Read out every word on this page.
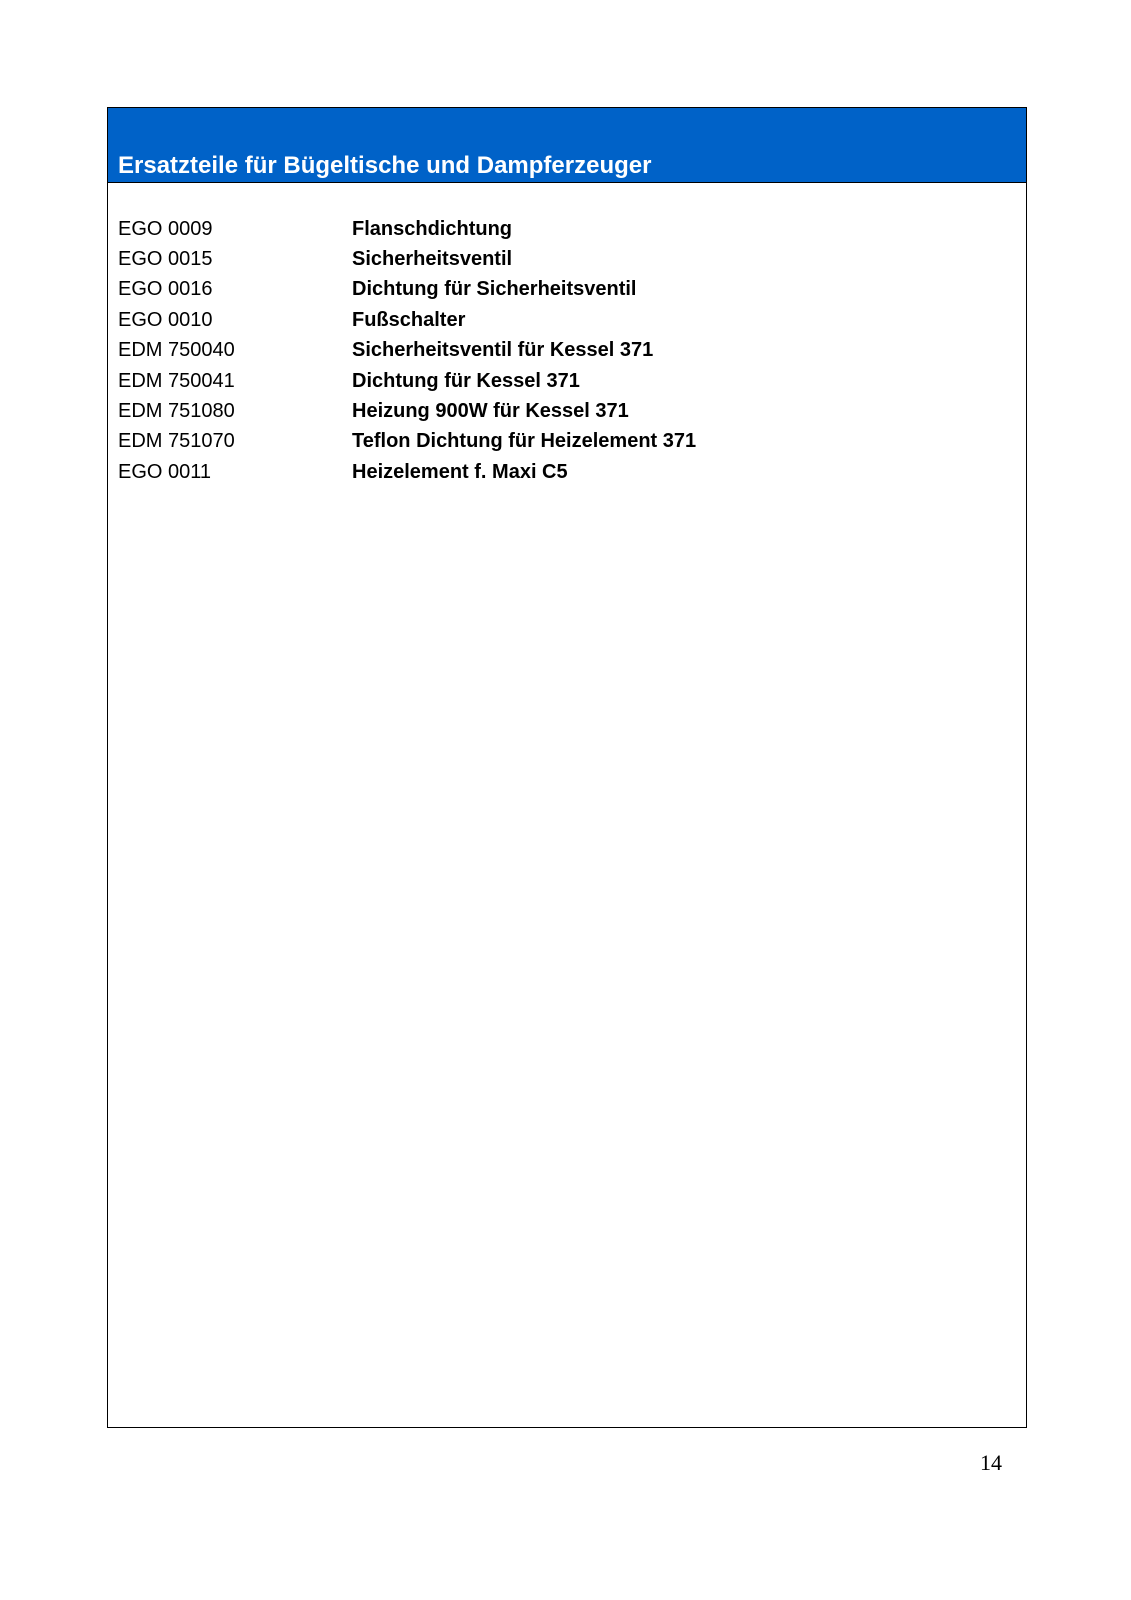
Ersatzteile für Bügeltische und Dampferzeuger
EGO 0009	Flanschdichtung
EGO 0015	Sicherheitsventil
EGO 0016	Dichtung für Sicherheitsventil
EGO 0010	Fußschalter
EDM 750040	Sicherheitsventil für Kessel 371
EDM 750041	Dichtung für Kessel 371
EDM 751080	Heizung 900W für Kessel 371
EDM 751070	Teflon Dichtung für Heizelement 371
EGO 0011	Heizelement f. Maxi C5
14
